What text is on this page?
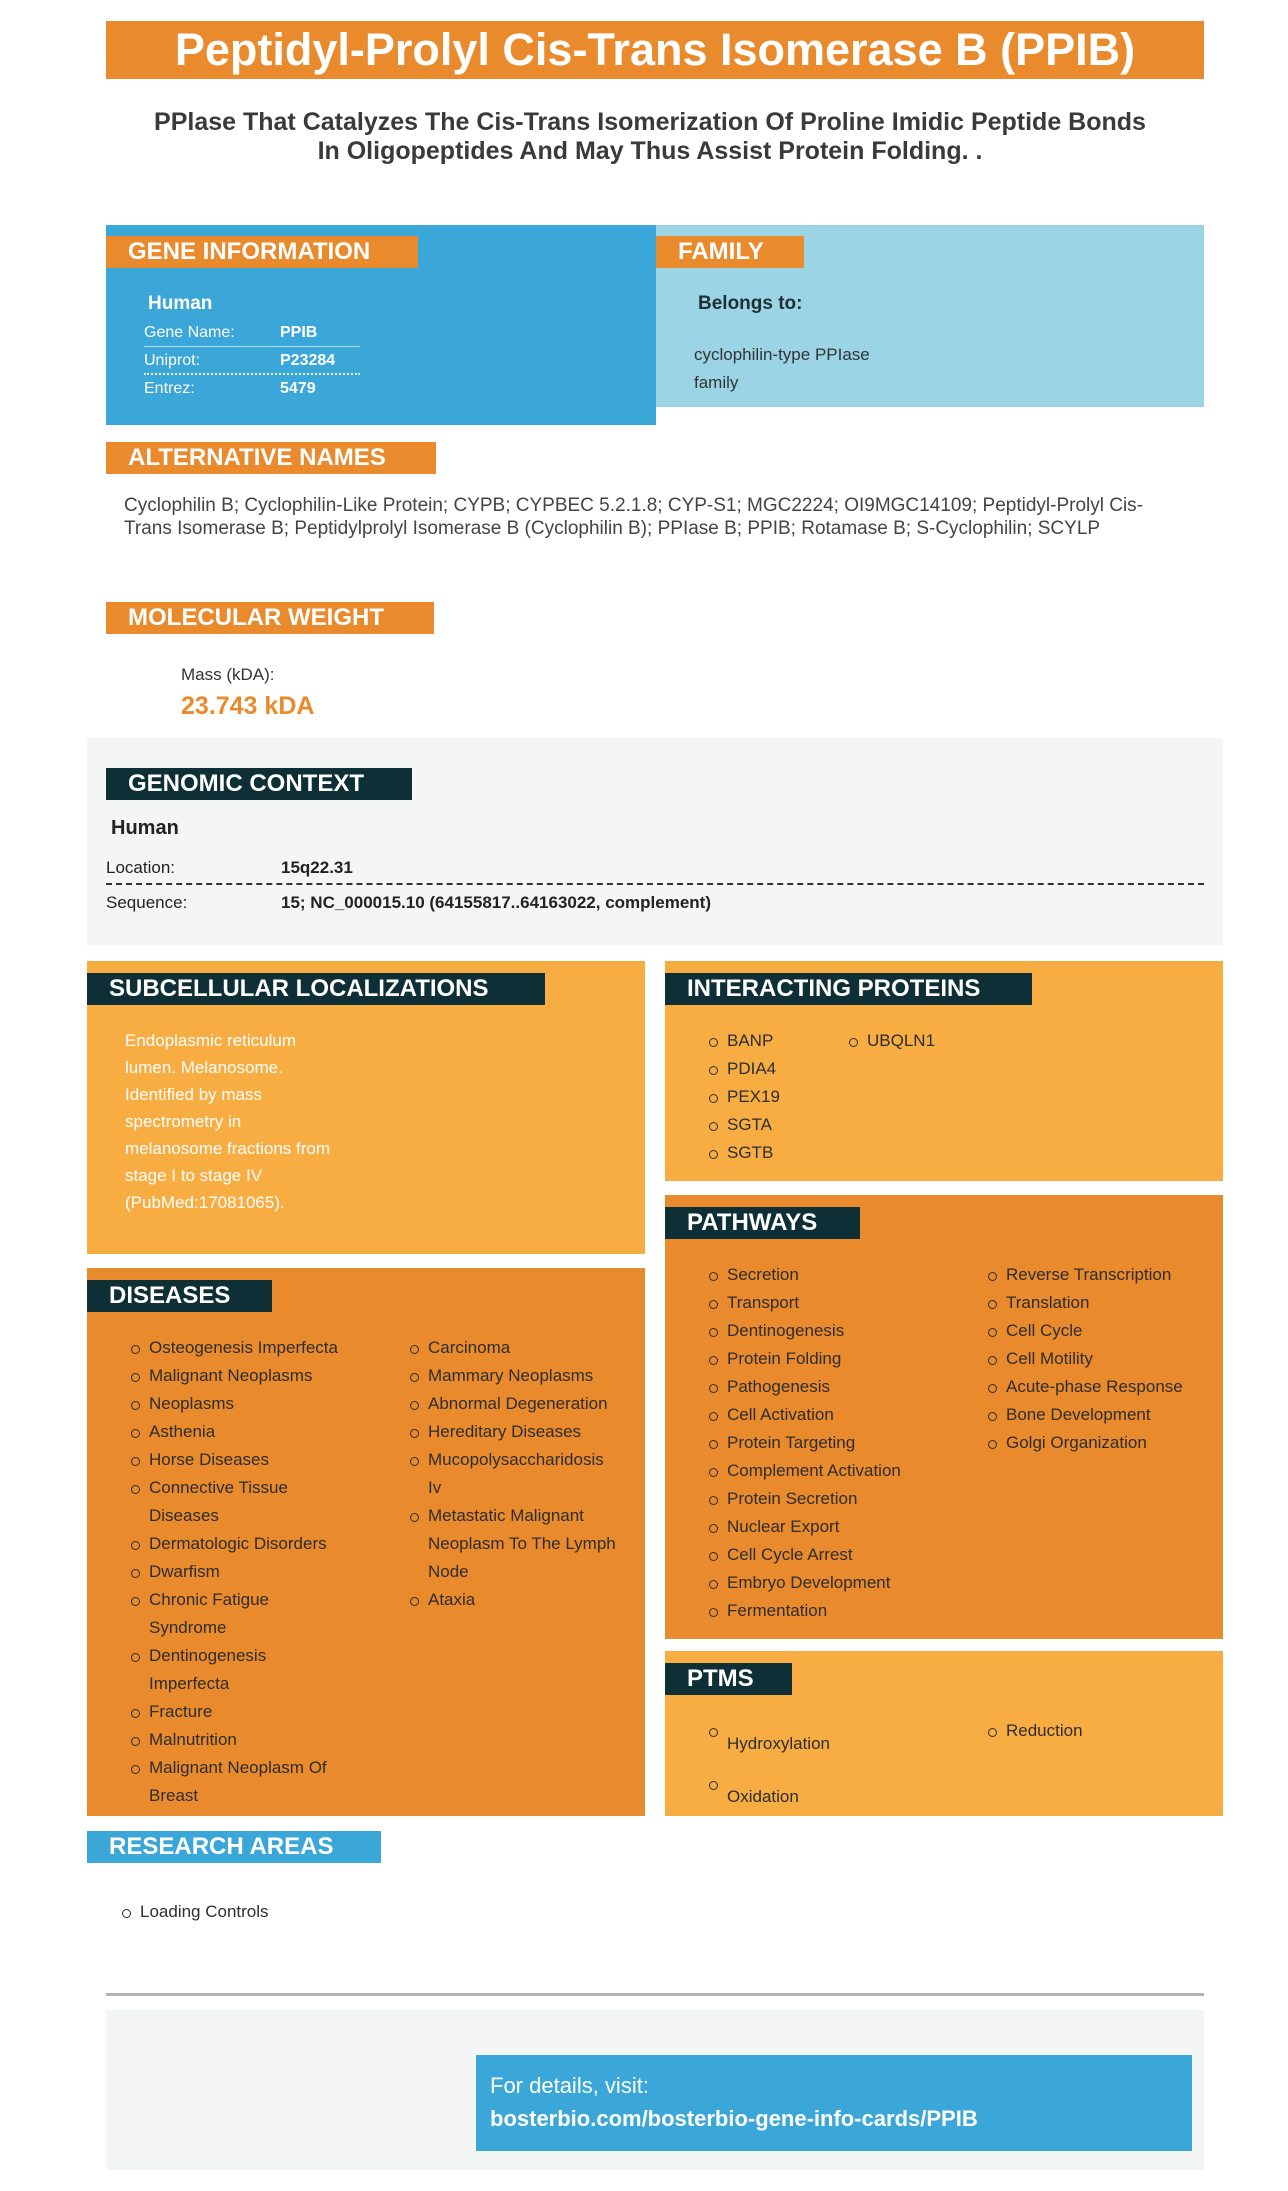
Peptidyl-Prolyl Cis-Trans Isomerase B (PPIB)
PPlase That Catalyzes The Cis-Trans Isomerization Of Proline Imidic Peptide Bonds In Oligopeptides And May Thus Assist Protein Folding. .
Human
Gene Name:	PPIB
Uniprot:	P23284
Entrez:	5479
GENE INFORMATION
Belongs to:
cyclophilin-type PPIase family
FAMILY
ALTERNATIVE NAMES
Cyclophilin B; Cyclophilin-Like Protein; CYPB; CYPBEC 5.2.1.8; CYP-S1; MGC2224; OI9MGC14109; Peptidyl-Prolyl Cis-Trans Isomerase B; Peptidylprolyl Isomerase B (Cyclophilin B); PPIase B; PPIB; Rotamase B; S-Cyclophilin; SCYLP
MOLECULAR WEIGHT
Mass (kDA):
23.743 kDA
GENOMIC CONTEXT
Human
Location:	15q22.31
Sequence:	15; NC_000015.10 (64155817..64163022, complement)
SUBCELLULAR LOCALIZATIONS
Endoplasmic reticulum lumen. Melanosome. Identified by mass spectrometry in melanosome fractions from stage I to stage IV (PubMed:17081065).
INTERACTING PROTEINS
BANP
PDIA4
PEX19
SGTA
SGTB
UBQLN1
PATHWAYS
Secretion
Transport
Dentinogenesis
Protein Folding
Pathogenesis
Cell Activation
Protein Targeting
Complement Activation
Protein Secretion
Nuclear Export
Cell Cycle Arrest
Embryo Development
Fermentation
Reverse Transcription
Translation
Cell Cycle
Cell Motility
Acute-phase Response
Bone Development
Golgi Organization
DISEASES
Osteogenesis Imperfecta
Malignant Neoplasms
Neoplasms
Asthenia
Horse Diseases
Connective Tissue Diseases
Dermatologic Disorders
Dwarfism
Chronic Fatigue Syndrome
Dentinogenesis Imperfecta
Fracture
Malnutrition
Malignant Neoplasm Of Breast
Carcinoma
Mammary Neoplasms
Abnormal Degeneration
Hereditary Diseases
Mucopolysaccharidosis Iv
Metastatic Malignant Neoplasm To The Lymph Node
Ataxia
PTMS
Hydroxylation
Oxidation
Reduction
RESEARCH AREAS
Loading Controls
For details, visit:
bosterbio.com/bosterbio-gene-info-cards/PPIB
